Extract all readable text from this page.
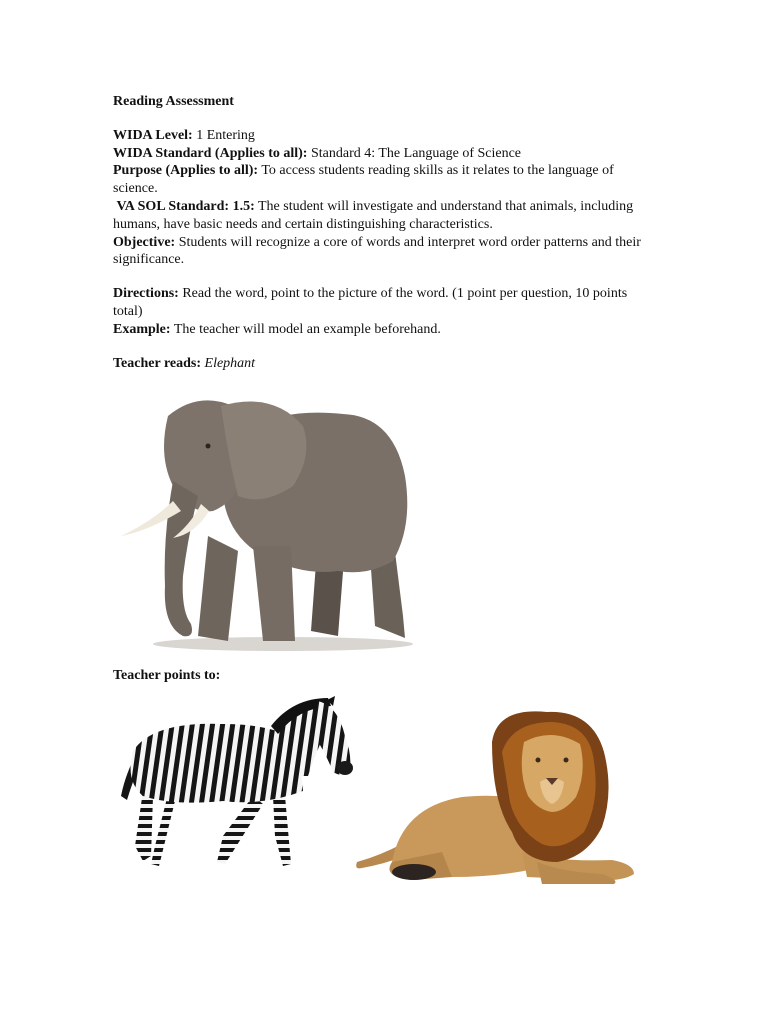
Reading Assessment
WIDA Level: 1 Entering
WIDA Standard (Applies to all): Standard 4: The Language of Science
Purpose (Applies to all): To access students reading skills as it relates to the language of science.
VA SOL Standard: 1.5: The student will investigate and understand that animals, including humans, have basic needs and certain distinguishing characteristics.
Objective: Students will recognize a core of words and interpret word order patterns and their significance.
Directions: Read the word, point to the picture of the word. (1 point per question, 10 points total)
Example: The teacher will model an example beforehand.
Teacher reads: Elephant
Teacher points to:
